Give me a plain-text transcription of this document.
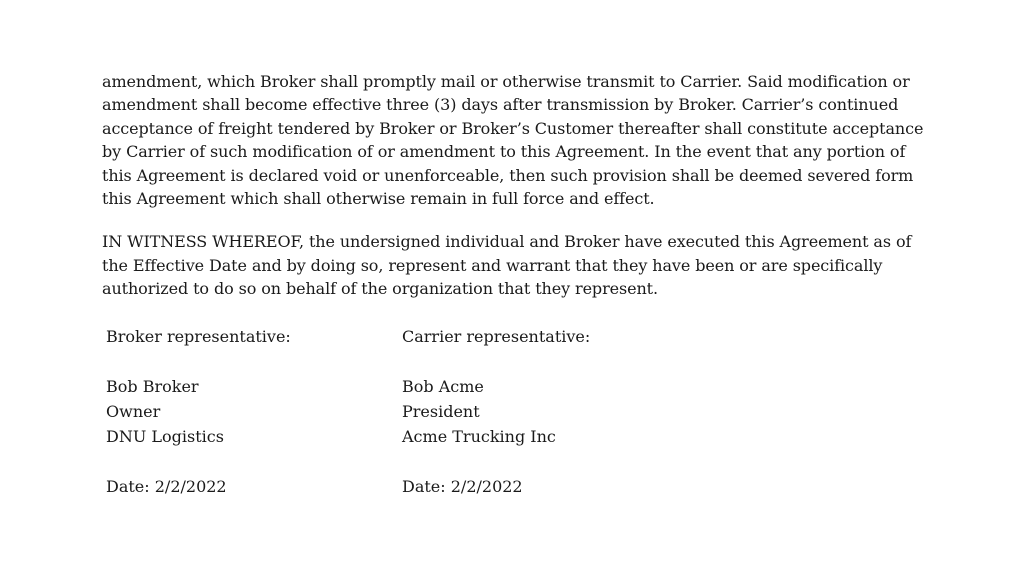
amendment, which Broker shall promptly mail or otherwise transmit to Carrier. Said modification or amendment shall become effective three (3) days after transmission by Broker. Carrier’s continued acceptance of freight tendered by Broker or Broker’s Customer thereafter shall constitute acceptance by Carrier of such modification of or amendment to this Agreement. In the event that any portion of this Agreement is declared void or unenforceable, then such provision shall be deemed severed form this Agreement which shall otherwise remain in full force and effect.

IN WITNESS WHEREOF, the undersigned individual and Broker have executed this Agreement as of the Effective Date and by doing so, represent and warrant that they have been or are specifically authorized to do so on behalf of the organization that they represent.

Broker representative:
Bob Broker
Owner
DNU Logistics
Date: 2/2/2022
Carrier representative:
Bob Acme
President
Acme Trucking Inc
Date: 2/2/2022
